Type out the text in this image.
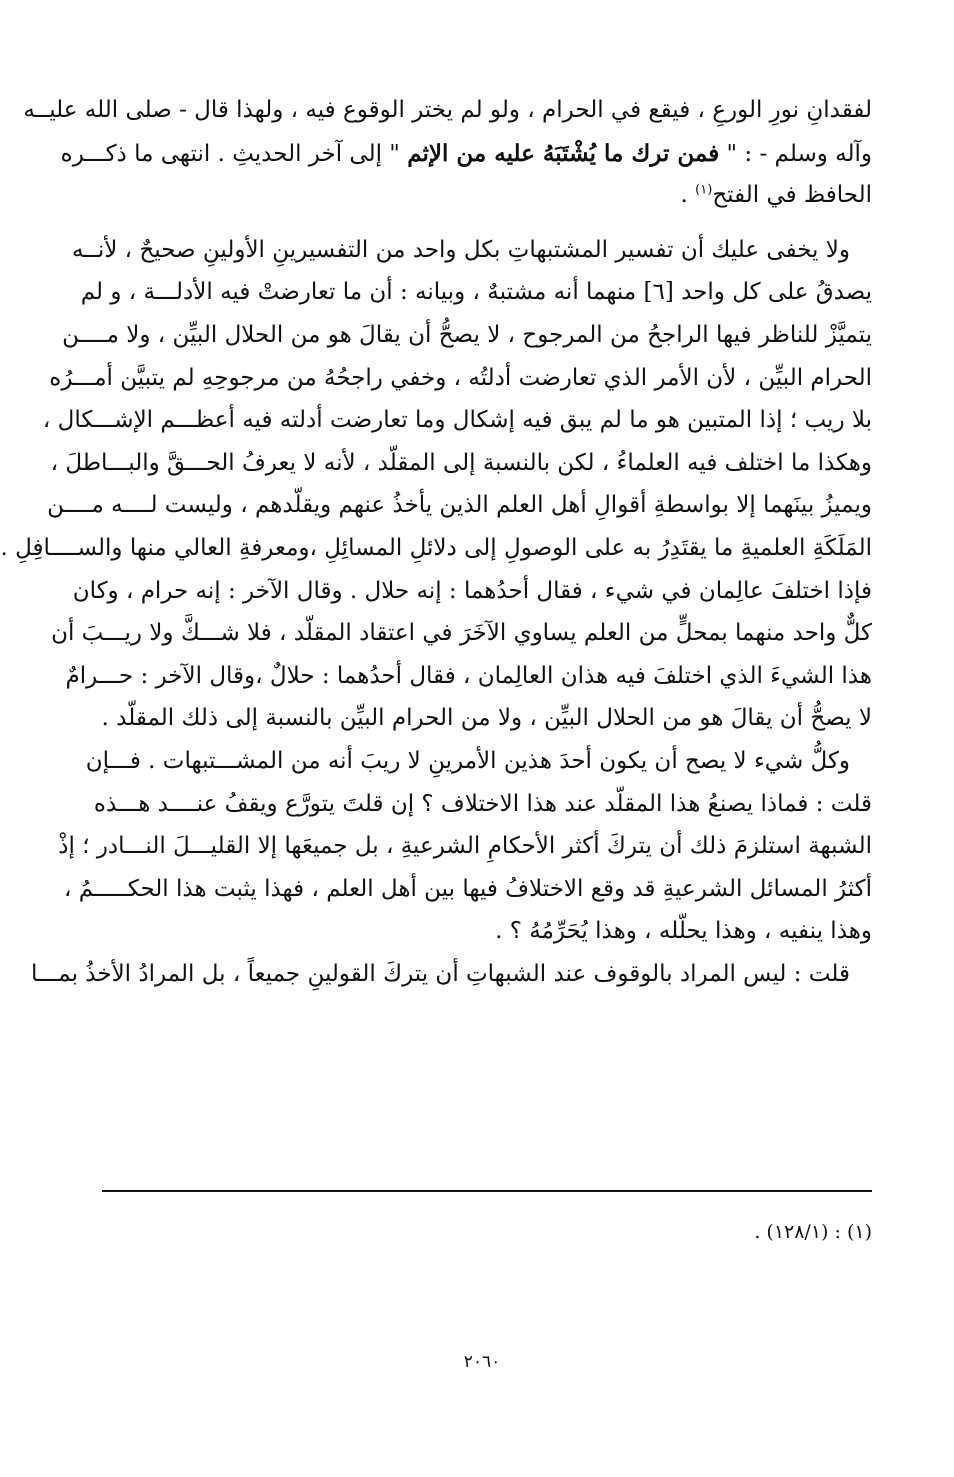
لفقدانِ نورِ الورعِ ، فيقع في الحرام ، ولو لم يختر الوقوع فيه ، ولهذا قال - صلى الله عليــه
وآله وسلم - : " فمن ترك ما يُشْتَبَهُ عليه من الإثم " إلى آخر الحديثِ . انتهى ما ذكـــره
الحافظ في الفتح$^{(١)}$ .
ولا يخفى عليك أن تفسير المشتبهاتِ بكل واحد من التفسيرينِ الأولينِ صحيحٌ ، لأنــه
يصدقُ على كل واحد [٦] منهما أنه مشتبهٌ ، وبيانه : أن ما تعارضتْ فيه الأدلـــة ، و لم
يتميَّزْ للناظر فيها الراجحُ من المرجوح ، لا يصحُّ أن يقالَ هو من الحلال البيِّن ، ولا مــــن
الحرام البيِّن ، لأن الأمر الذي تعارضت أدلتُه ، وخفي راجحُهُ من مرجوحِهِ لم يتبيَّن أمـــرُه
بلا ريب ؛ إذا المتبين هو ما لم يبق فيه إشكال وما تعارضت أدلته فيه أعظـــم الإشـــكال ،
وهكذا ما اختلف فيه العلماءُ ، لكن بالنسبة إلى المقلّد ، لأنه لا يعرفُ الحـــقَّ والبـــاطلَ ،
ويميزُ بينَهما إلا بواسطةِ أقوالِ أهل العلم الذين يأخذُ عنهم ويقلّدهم ، وليست لــــه مــــن
المَلَكَةِ العلميةِ ما يقتَدِرُ به على الوصولِ إلى دلائلِ المسائِلِ ،ومعرفةِ العالي منها والســــافِلِ .
فإذا اختلفَ عالِمان في شيء ، فقال أحدُهما : إنه حلال . وقال الآخر : إنه حرام ، وكان
كلٌّ واحد منهما بمحلٍّ من العلم يساوي الآخَرَ في اعتقاد المقلّد ، فلا شـــكَّ ولا ريـــبَ أن
هذا الشيءَ الذي اختلفَ فيه هذان العالِمان ، فقال أحدُهما : حلالٌ ،وقال الآخر : حـــرامٌ
لا يصحُّ أن يقالَ هو من الحلال البيِّن ، ولا من الحرام البيِّن بالنسبة إلى ذلك المقلّد .
وكلُّ شيء لا يصح أن يكون أحدَ هذين الأمرينِ لا ريبَ أنه من المشـــتبهات . فـــإن
قلت : فماذا يصنعُ هذا المقلّد عند هذا الاختلاف ؟ إن قلتَ يتورَّع ويقفُ عنــــد هـــذه
الشبهة استلزمَ ذلك أن يتركَ أكثر الأحكامِ الشرعيةِ ، بل جميعَها إلا القليـــلَ النـــادر ؛ إذْ
أكثرُ المسائل الشرعيةِ قد وقع الاختلافُ فيها بين أهل العلم ، فهذا يثبت هذا الحكـــــمُ ،
وهذا ينفيه ، وهذا يحلّله ، وهذا يُحَرِّمُهُ ؟ .
قلت : ليس المراد بالوقوف عند الشبهاتِ أن يتركَ القولينِ جميعاً ، بل المرادُ الأخذُ بمـــا
(١) : (١٢٨/١) .
٢٠٦٠
